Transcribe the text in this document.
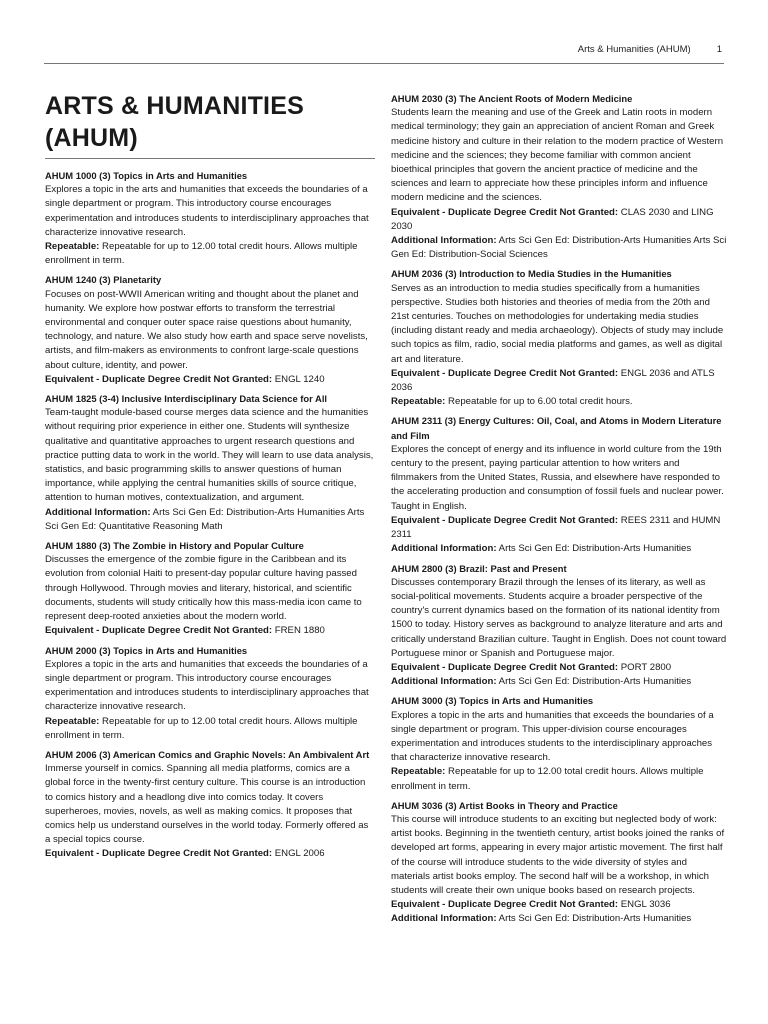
Arts & Humanities (AHUM)	1
ARTS & HUMANITIES (AHUM)

AHUM 1000 (3) Topics in Arts and Humanities

Explores a topic in the arts and humanities that exceeds the boundaries of a single department or program. This introductory course encourages experimentation and introduces students to interdisciplinary approaches that characterize innovative research.

Repeatable: Repeatable for up to 12.00 total credit hours. Allows multiple enrollment in term.

AHUM 1240 (3) Planetarity

Focuses on post-WWII American writing and thought about the planet and humanity. We explore how postwar efforts to transform the terrestrial environmental and conquer outer space raise questions about humanity, technology, and nature. We also study how earth and space serve novelists, artists, and film-makers as environments to confront large-scale questions about culture, identity, and power.

Equivalent - Duplicate Degree Credit Not Granted: ENGL 1240

AHUM 1825 (3-4) Inclusive Interdisciplinary Data Science for All

Team-taught module-based course merges data science and the humanities without requiring prior experience in either one. Students will synthesize qualitative and quantitative approaches to urgent research questions and practice putting data to work in the world. They will learn to use data analysis, statistics, and basic programming skills to answer questions of human importance, while applying the central humanities skills of source critique, attention to human motives, contextualization, and argument.

Additional Information: Arts Sci Gen Ed: Distribution-Arts Humanities Arts Sci Gen Ed: Quantitative Reasoning Math

AHUM 1880 (3) The Zombie in History and Popular Culture

Discusses the emergence of the zombie figure in the Caribbean and its evolution from colonial Haiti to present-day popular culture having passed through Hollywood. Through movies and literary, historical, and scientific documents, students will study critically how this mass-media icon came to represent deep-rooted anxieties about the modern world.

Equivalent - Duplicate Degree Credit Not Granted: FREN 1880

AHUM 2000 (3) Topics in Arts and Humanities

Explores a topic in the arts and humanities that exceeds the boundaries of a single department or program. This introductory course encourages experimentation and introduces students to interdisciplinary approaches that characterize innovative research.

Repeatable: Repeatable for up to 12.00 total credit hours. Allows multiple enrollment in term.

AHUM 2006 (3) American Comics and Graphic Novels: An Ambivalent Art

Immerse yourself in comics. Spanning all media platforms, comics are a global force in the twenty-first century culture. This course is an introduction to comics history and a headlong dive into comics today. It covers superheroes, movies, novels, as well as making comics. It proposes that comics help us understand ourselves in the world today. Formerly offered as a special topics course.

Equivalent - Duplicate Degree Credit Not Granted: ENGL 2006

AHUM 2030 (3) The Ancient Roots of Modern Medicine

Students learn the meaning and use of the Greek and Latin roots in modern medical terminology; they gain an appreciation of ancient Roman and Greek medicine history and culture in their relation to the modern practice of Western medicine and the sciences; they become familiar with common ancient bioethical principles that govern the ancient practice of medicine and the sciences and learn to appreciate how these principles inform and influence modern medicine and the sciences.

Equivalent - Duplicate Degree Credit Not Granted: CLAS 2030 and LING 2030

Additional Information: Arts Sci Gen Ed: Distribution-Arts Humanities Arts Sci Gen Ed: Distribution-Social Sciences

AHUM 2036 (3) Introduction to Media Studies in the Humanities

Serves as an introduction to media studies specifically from a humanities perspective. Studies both histories and theories of media from the 20th and 21st centuries. Touches on methodologies for undertaking media studies (including distant ready and media archaeology). Objects of study may include such topics as film, radio, social media platforms and games, as well as digital art and literature.

Equivalent - Duplicate Degree Credit Not Granted: ENGL 2036 and ATLS 2036

Repeatable: Repeatable for up to 6.00 total credit hours.

AHUM 2311 (3) Energy Cultures: Oil, Coal, and Atoms in Modern Literature and Film

Explores the concept of energy and its influence in world culture from the 19th century to the present, paying particular attention to how writers and filmmakers from the United States, Russia, and elsewhere have responded to the accelerating production and consumption of fossil fuels and nuclear power. Taught in English.

Equivalent - Duplicate Degree Credit Not Granted: REES 2311 and HUMN 2311

Additional Information: Arts Sci Gen Ed: Distribution-Arts Humanities

AHUM 2800 (3) Brazil: Past and Present

Discusses contemporary Brazil through the lenses of its literary, as well as social-political movements. Students acquire a broader perspective of the country's current dynamics based on the formation of its national identity from 1500 to today. History serves as background to analyze literature and arts and critically understand Brazilian culture. Taught in English. Does not count toward Portuguese minor or Spanish and Portuguese major.

Equivalent - Duplicate Degree Credit Not Granted: PORT 2800

Additional Information: Arts Sci Gen Ed: Distribution-Arts Humanities

AHUM 3000 (3) Topics in Arts and Humanities

Explores a topic in the arts and humanities that exceeds the boundaries of a single department or program. This upper-division course encourages experimentation and introduces students to the interdisciplinary approaches that characterize innovative research.

Repeatable: Repeatable for up to 12.00 total credit hours. Allows multiple enrollment in term.

AHUM 3036 (3) Artist Books in Theory and Practice

This course will introduce students to an exciting but neglected body of work: artist books. Beginning in the twentieth century, artist books joined the ranks of developed art forms, appearing in every major artistic movement. The first half of the course will introduce students to the wide diversity of styles and materials artist books employ. The second half will be a workshop, in which students will create their own unique books based on research projects.

Equivalent - Duplicate Degree Credit Not Granted: ENGL 3036

Additional Information: Arts Sci Gen Ed: Distribution-Arts Humanities
